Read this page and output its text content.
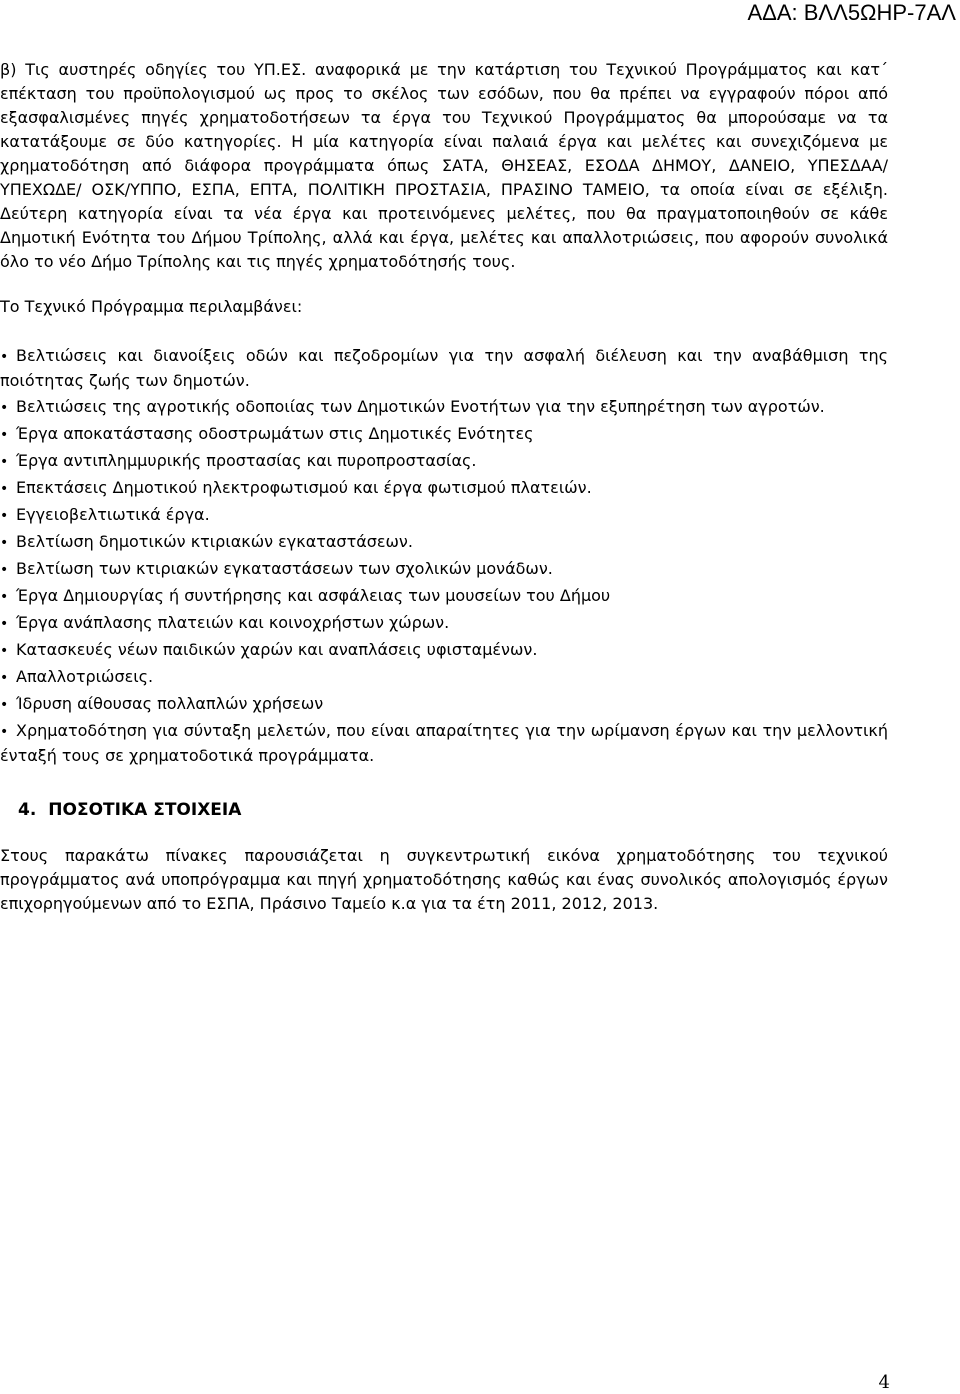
ΑΔΑ: ΒΛΛ5ΩΗΡ-7ΑΛ

β) Τις αυστηρές οδηγίες του ΥΠ.ΕΣ. αναφορικά με την κατάρτιση του Τεχνικού Προγράμματος και κατ΄ επέκταση του προϋπολογισμού ως προς το σκέλος των εσόδων, που θα πρέπει να εγγραφούν πόροι από εξασφαλισμένες πηγές χρηματοδοτήσεων τα έργα του Τεχνικού Προγράμματος θα μπορούσαμε να τα κατατάξουμε σε δύο κατηγορίες. Η μία κατηγορία είναι παλαιά έργα και μελέτες και συνεχιζόμενα με χρηματοδότηση από διάφορα προγράμματα όπως ΣΑΤΑ, ΘΗΣΕΑΣ, ΕΣΟΔΑ ΔΗΜΟΥ, ΔΑΝΕΙΟ, ΥΠΕΣΔΑΑ/ ΥΠΕΧΩΔΕ/ ΟΣΚ/ΥΠΠΟ, ΕΣΠΑ, ΕΠΤΑ, ΠΟΛΙΤΙΚΗ ΠΡΟΣΤΑΣΙΑ, ΠΡΑΣΙΝΟ ΤΑΜΕΙΟ, τα οποία είναι σε εξέλιξη. Δεύτερη κατηγορία είναι τα νέα έργα και προτεινόμενες μελέτες, που θα πραγματοποιηθούν σε κάθε Δημοτική Ενότητα του Δήμου Τρίπολης, αλλά και έργα, μελέτες και απαλλοτριώσεις, που αφορούν συνολικά όλο το νέο Δήμο Τρίπολης και τις πηγές χρηματοδότησής τους.

Το Τεχνικό Πρόγραμμα περιλαμβάνει:

• Βελτιώσεις και διανοίξεις οδών και πεζοδρομίων για την ασφαλή διέλευση και την αναβάθμιση της ποιότητας ζωής των δημοτών.
• Βελτιώσεις της αγροτικής οδοποιίας των Δημοτικών Ενοτήτων για την εξυπηρέτηση των αγροτών.
• Έργα αποκατάστασης οδοστρωμάτων στις Δημοτικές Ενότητες
• Έργα αντιπλημμυρικής προστασίας και πυροπροστασίας.
• Επεκτάσεις Δημοτικού ηλεκτροφωτισμού και έργα φωτισμού πλατειών.
• Εγγειοβελτιωτικά έργα.
• Βελτίωση δημοτικών κτιριακών εγκαταστάσεων.
• Βελτίωση των κτιριακών εγκαταστάσεων των σχολικών μονάδων.
• Έργα Δημιουργίας ή συντήρησης και ασφάλειας των μουσείων του Δήμου
• Έργα ανάπλασης πλατειών και κοινοχρήστων χώρων.
• Κατασκευές νέων παιδικών χαρών και αναπλάσεις υφισταμένων.
• Απαλλοτριώσεις.
• Ίδρυση αίθουσας πολλαπλών χρήσεων
• Χρηματοδότηση για σύνταξη μελετών, που είναι απαραίτητες για την ωρίμανση έργων και την μελλοντική ένταξή τους σε χρηματοδοτικά προγράμματα.
4. ΠΟΣΟΤΙΚΑ ΣΤΟΙΧΕΙΑ

Στους παρακάτω πίνακες παρουσιάζεται η συγκεντρωτική εικόνα χρηματοδότησης του τεχνικού προγράμματος ανά υποπρόγραμμα και πηγή χρηματοδότησης καθώς και ένας συνολικός απολογισμός έργων επιχορηγούμενων από το ΕΣΠΑ, Πράσινο Ταμείο κ.α για τα έτη 2011, 2012, 2013.

4
